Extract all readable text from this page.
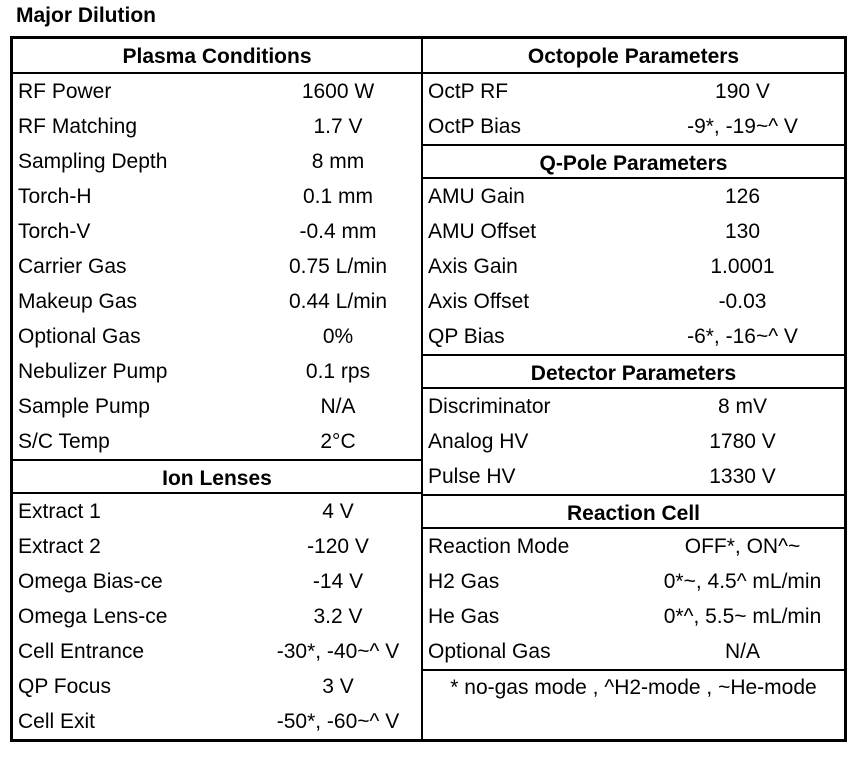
Major Dilution
Plasma Conditions
RF Power	1600 W
RF Matching	1.7 V
Sampling Depth	8 mm
Torch-H	0.1 mm
Torch-V	-0.4 mm
Carrier Gas	0.75 L/min
Makeup Gas	0.44 L/min
Optional Gas	0%
Nebulizer Pump	0.1 rps
Sample Pump	N/A
S/C Temp	2°C
Ion Lenses
Extract 1	4 V
Extract 2	-120 V
Omega Bias-ce	-14 V
Omega Lens-ce	3.2 V
Cell Entrance	-30*, -40~^ V
QP Focus	3 V
Cell Exit	-50*, -60~^ V
Octopole Parameters
OctP RF	190 V
OctP Bias	-9*, -19~^ V
Q-Pole Parameters
AMU Gain	126
AMU Offset	130
Axis Gain	1.0001
Axis Offset	-0.03
QP Bias	-6*, -16~^ V
Detector Parameters
Discriminator	8 mV
Analog HV	1780 V
Pulse HV	1330 V
Reaction Cell
Reaction Mode	OFF*, ON^~
H2 Gas	0*~, 4.5^ mL/min
He Gas	0*^, 5.5~ mL/min
Optional Gas	N/A
* no-gas mode , ^H2-mode , ~He-mode
